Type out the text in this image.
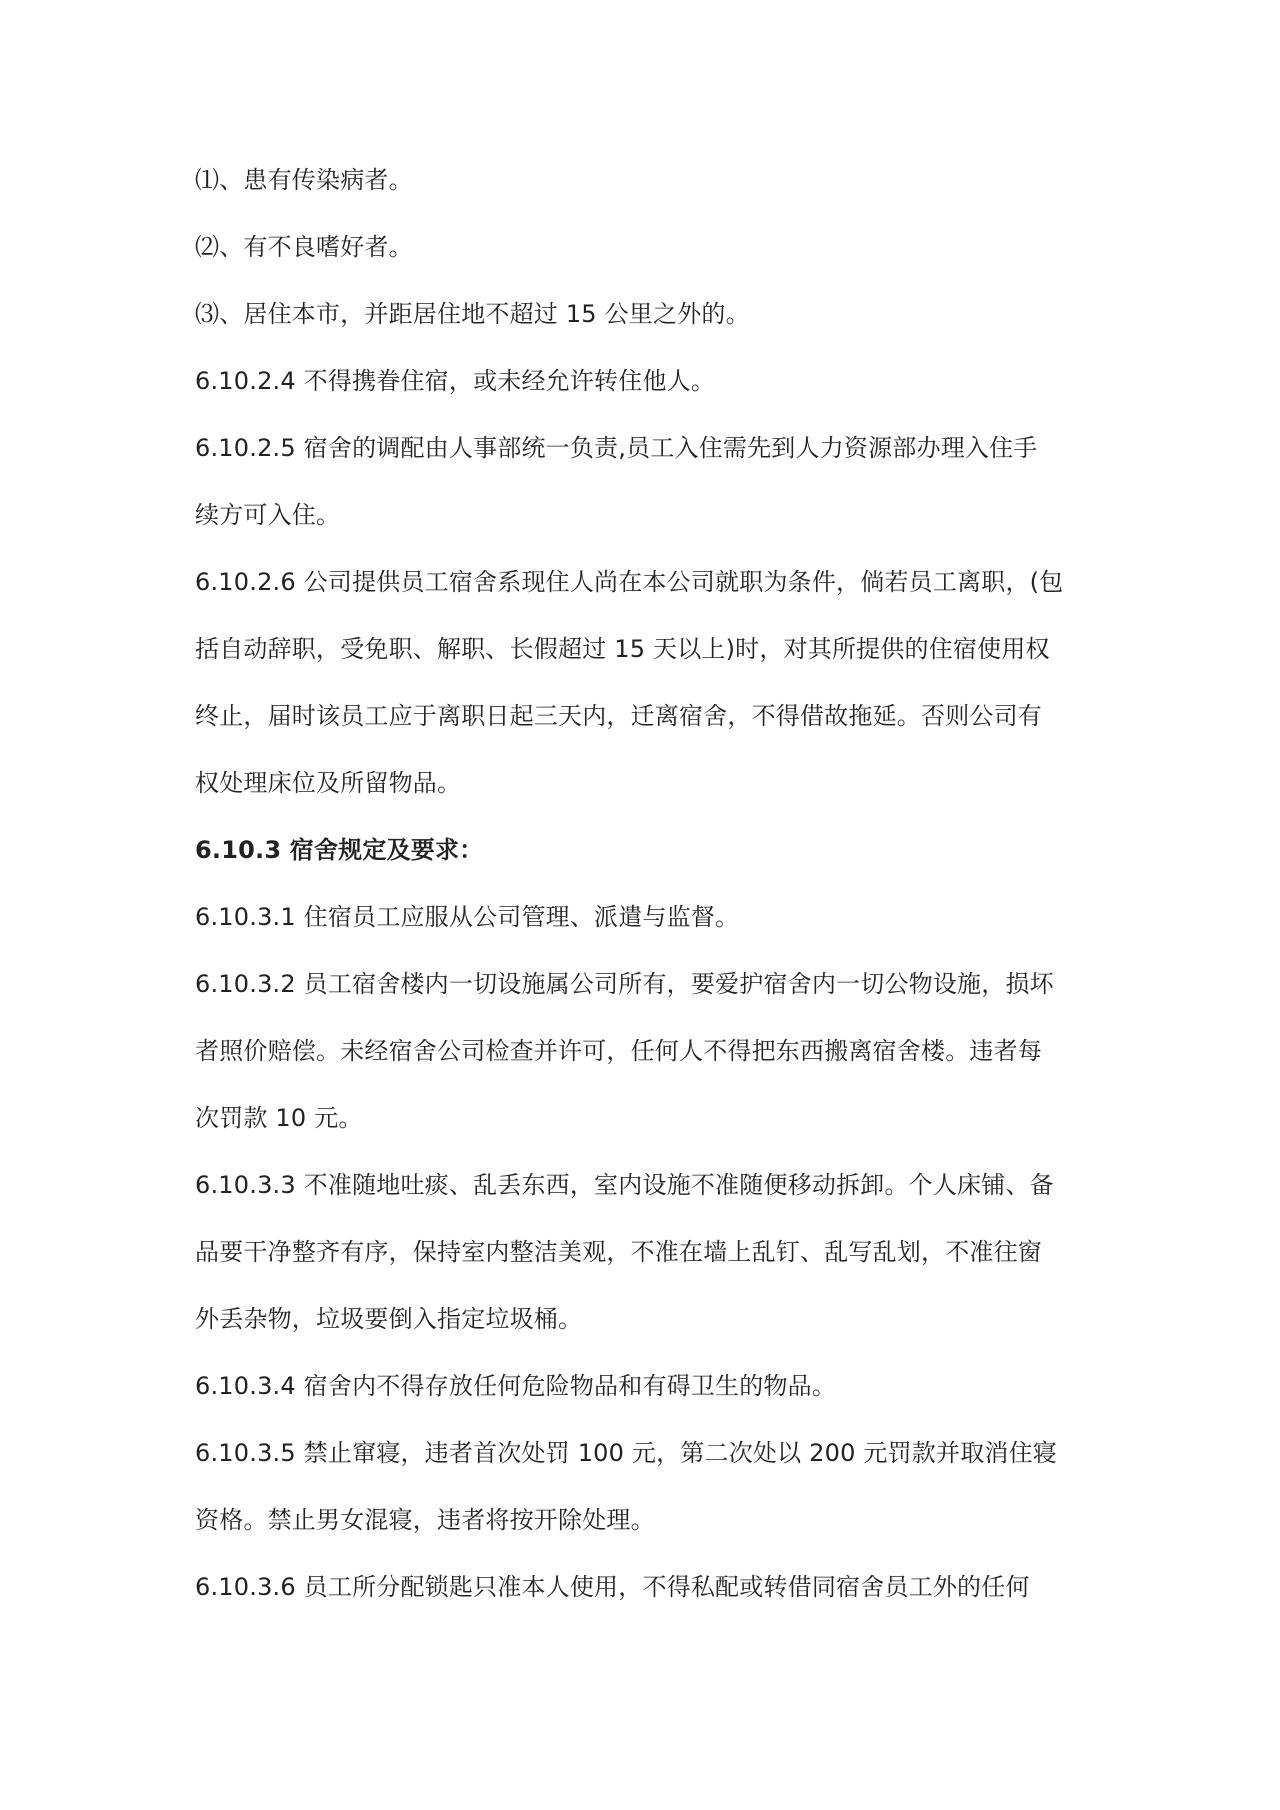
⑴、患有传染病者。
⑵、有不良嗜好者。
⑶、居住本市，并距居住地不超过 15 公里之外的。
6.10.2.4 不得携眷住宿，或未经允许转住他人。
6.10.2.5 宿舍的调配由人事部统一负责,员工入住需先到人力资源部办理入住手
续方可入住。
6.10.2.6 公司提供员工宿舍系现住人尚在本公司就职为条件，倘若员工离职，(包
括自动辞职，受免职、解职、长假超过 15 天以上)时，对其所提供的住宿使用权
终止，届时该员工应于离职日起三天内，迁离宿舍，不得借故拖延。否则公司有
权处理床位及所留物品。
6.10.3 宿舍规定及要求：
6.10.3.1 住宿员工应服从公司管理、派遣与监督。
6.10.3.2 员工宿舍楼内一切设施属公司所有，要爱护宿舍内一切公物设施，损坏
者照价赔偿。未经宿舍公司检查并许可，任何人不得把东西搬离宿舍楼。违者每
次罚款 10 元。
6.10.3.3 不准随地吐痰、乱丢东西，室内设施不准随便移动拆卸。个人床铺、备
品要干净整齐有序，保持室内整洁美观，不准在墙上乱钉、乱写乱划，不准往窗
外丢杂物，垃圾要倒入指定垃圾桶。
6.10.3.4 宿舍内不得存放任何危险物品和有碍卫生的物品。
6.10.3.5 禁止窜寝，违者首次处罚 100 元，第二次处以 200 元罚款并取消住寝
资格。禁止男女混寝，违者将按开除处理。
6.10.3.6 员工所分配锁匙只准本人使用，不得私配或转借同宿舍员工外的任何
